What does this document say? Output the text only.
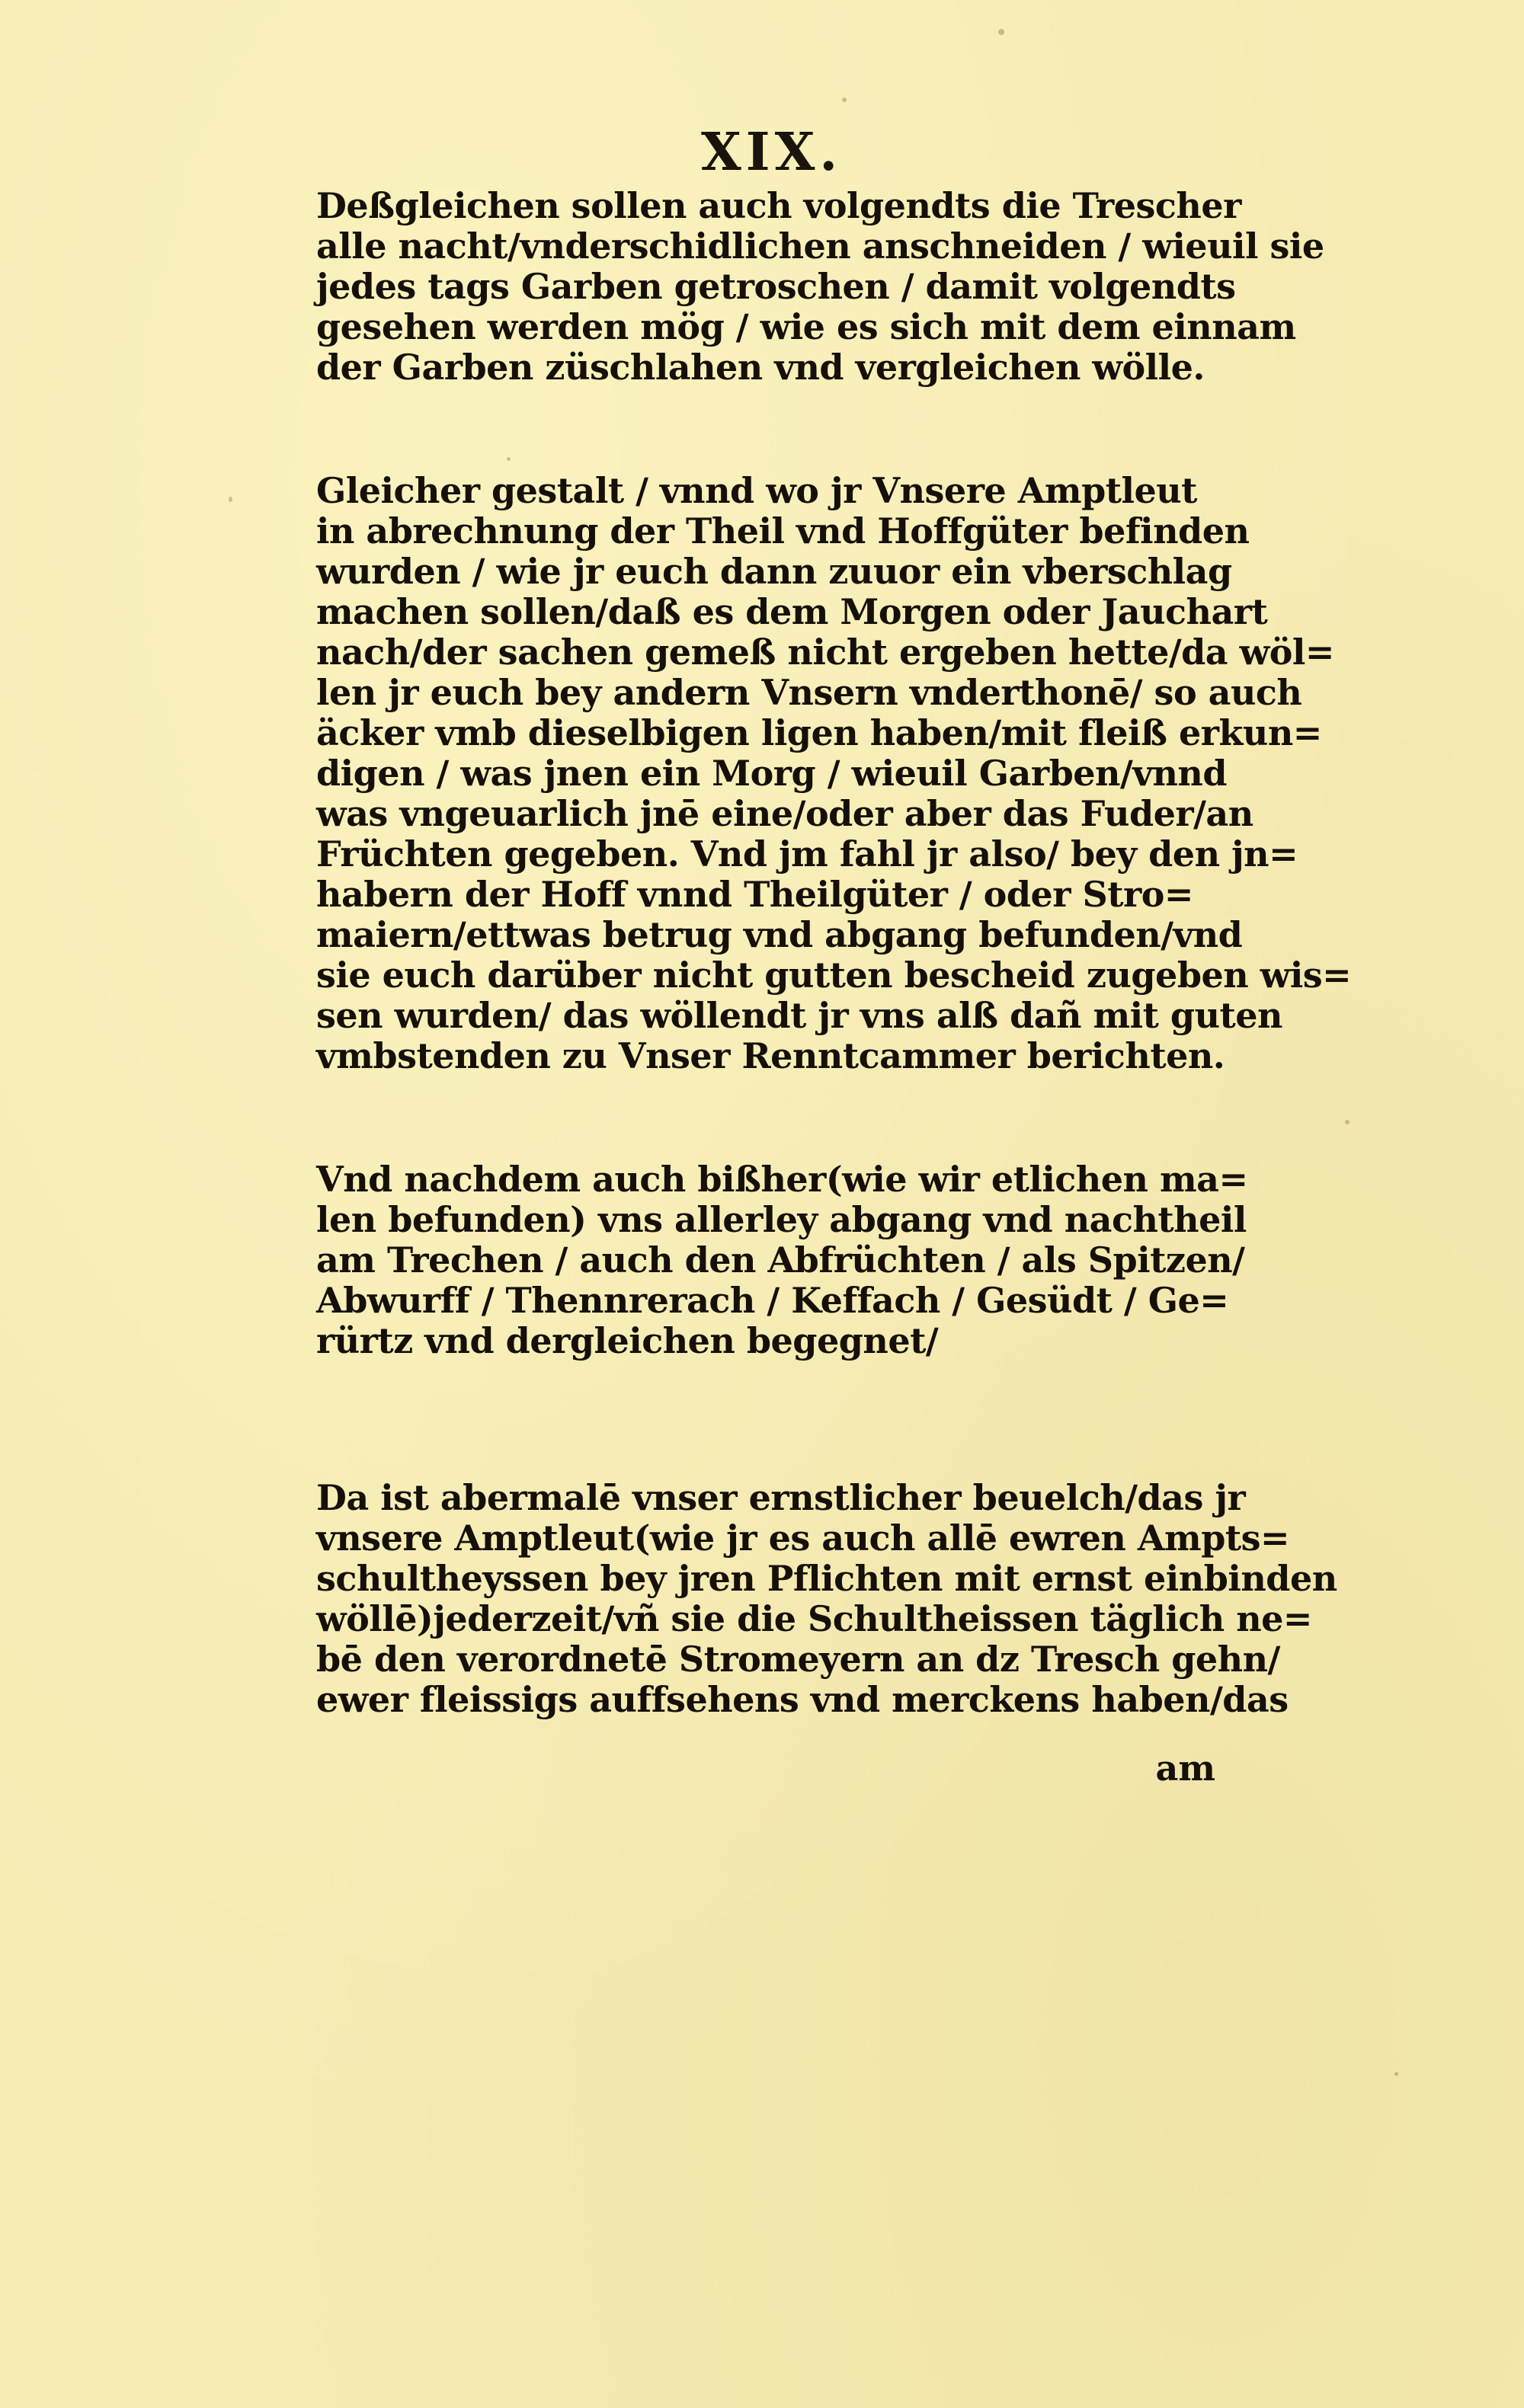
XIX.

Deßgleichen sollen auch volgendts die Trescher
alle nacht/vnderschidlichen anschneiden / wieuil sie
jedes tags Garben getroschen / damit volgendts
gesehen werden mög / wie es sich mit dem einnam
der Garben züschlahen vnd vergleichen wölle.

Gleicher gestalt / vnnd wo jr Vnsere Amptleut
in abrechnung der Theil vnd Hoffgüter befinden
wurden / wie jr euch dann zuuor ein vberschlag
machen sollen/daß es dem Morgen oder Jauchart
nach/der sachen gemeß nicht ergeben hette/da wöl=
len jr euch bey andern Vnsern vnderthonē/ so auch
äcker vmb dieselbigen ligen haben/mit fleiß erkun=
digen / was jnen ein Morg / wieuil Garben/vnnd
was vngeuarlich jnē eine/oder aber das Fuder/an
Früchten gegeben. Vnd jm fahl jr also/ bey den jn=
habern der Hoff vnnd Theilgüter / oder Stro=
maiern/ettwas betrug vnd abgang befunden/vnd
sie euch darüber nicht gutten bescheid zugeben wis=
sen wurden/ das wöllendt jr vns alß dañ mit guten
vmbstenden zu Vnser Renntcammer berichten.

Vnd nachdem auch bißher(wie wir etlichen ma=
len befunden) vns allerley abgang vnd nachtheil
am Trechen / auch den Abfrüchten / als Spitzen/
Abwurff / Thennrerach / Keffach / Gesüdt / Ge=
rürtz vnd dergleichen begegnet/

Da ist abermalē vnser ernstlicher beuelch/das jr
vnsere Amptleut(wie jr es auch allē ewren Ampts=
schultheyssen bey jren Pflichten mit ernst einbinden
wöllē)jederzeit/vñ sie die Schultheissen täglich ne=
bē den verordnetē Stromeyern an dz Tresch gehn/
ewer fleissigs auffsehens vnd merckens haben/das

am
